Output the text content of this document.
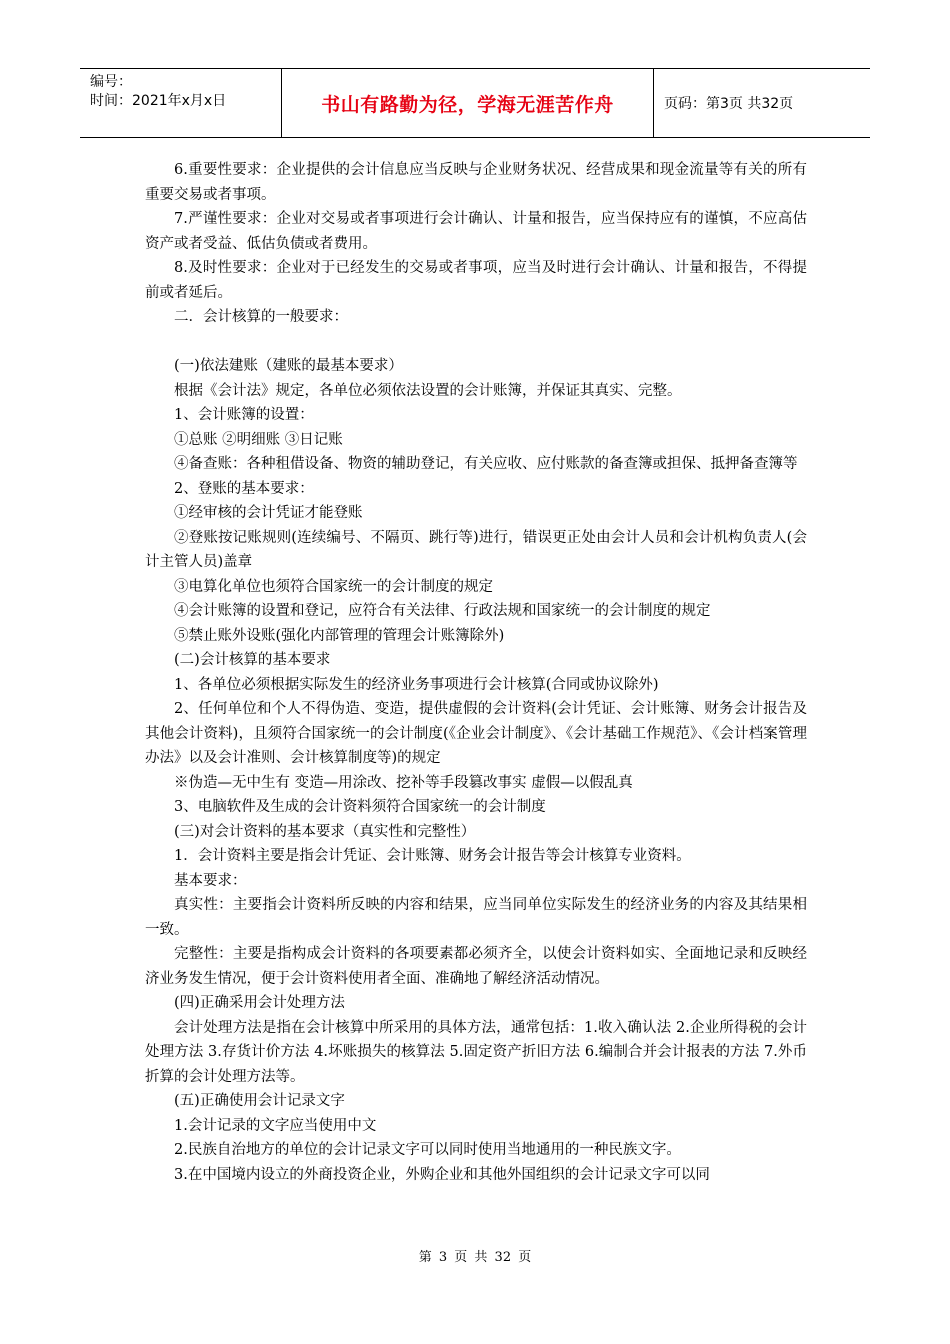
编号：
时间：2021年x月x日	书山有路勤为径，学海无涯苦作舟	页码：第3页 共32页

6.重要性要求：企业提供的会计信息应当反映与企业财务状况、经营成果和现金流量等有关的所有重要交易或者事项。

7.严谨性要求：企业对交易或者事项进行会计确认、计量和报告，应当保持应有的谨慎，不应高估资产或者受益、低估负债或者费用。

8.及时性要求：企业对于已经发生的交易或者事项，应当及时进行会计确认、计量和报告，不得提前或者延后。

二．会计核算的一般要求：

(一)依法建账（建账的最基本要求）

根据《会计法》规定，各单位必须依法设置的会计账簿，并保证其真实、完整。

1、会计账簿的设置：

①总账 ②明细账 ③日记账

④备查账：各种租借设备、物资的辅助登记，有关应收、应付账款的备查簿或担保、抵押备查簿等

2、登账的基本要求：

①经审核的会计凭证才能登账

②登账按记账规则(连续编号、不隔页、跳行等)进行，错误更正处由会计人员和会计机构负责人(会计主管人员)盖章

③电算化单位也须符合国家统一的会计制度的规定

④会计账簿的设置和登记，应符合有关法律、行政法规和国家统一的会计制度的规定

⑤禁止账外设账(强化内部管理的管理会计账簿除外)

(二)会计核算的基本要求

1、各单位必须根据实际发生的经济业务事项进行会计核算(合同或协议除外)

2、任何单位和个人不得伪造、变造，提供虚假的会计资料(会计凭证、会计账簿、财务会计报告及其他会计资料)，且须符合国家统一的会计制度(《企业会计制度》、《会计基础工作规范》、《会计档案管理办法》以及会计准则、会计核算制度等)的规定

※伪造—无中生有 变造—用涂改、挖补等手段篡改事实 虚假—以假乱真

3、电脑软件及生成的会计资料须符合国家统一的会计制度

(三)对会计资料的基本要求（真实性和完整性）

1．会计资料主要是指会计凭证、会计账簿、财务会计报告等会计核算专业资料。

基本要求：

真实性：主要指会计资料所反映的内容和结果，应当同单位实际发生的经济业务的内容及其结果相一致。

完整性：主要是指构成会计资料的各项要素都必须齐全，以使会计资料如实、全面地记录和反映经济业务发生情况，便于会计资料使用者全面、准确地了解经济活动情况。

(四)正确采用会计处理方法

会计处理方法是指在会计核算中所采用的具体方法，通常包括：1.收入确认法 2.企业所得税的会计处理方法 3.存货计价方法 4.坏账损失的核算法 5.固定资产折旧方法 6.编制合并会计报表的方法 7.外币折算的会计处理方法等。

(五)正确使用会计记录文字

1.会计记录的文字应当使用中文

2.民族自治地方的单位的会计记录文字可以同时使用当地通用的一种民族文字。

3.在中国境内设立的外商投资企业，外购企业和其他外国组织的会计记录文字可以同

第 3 页 共 32 页
